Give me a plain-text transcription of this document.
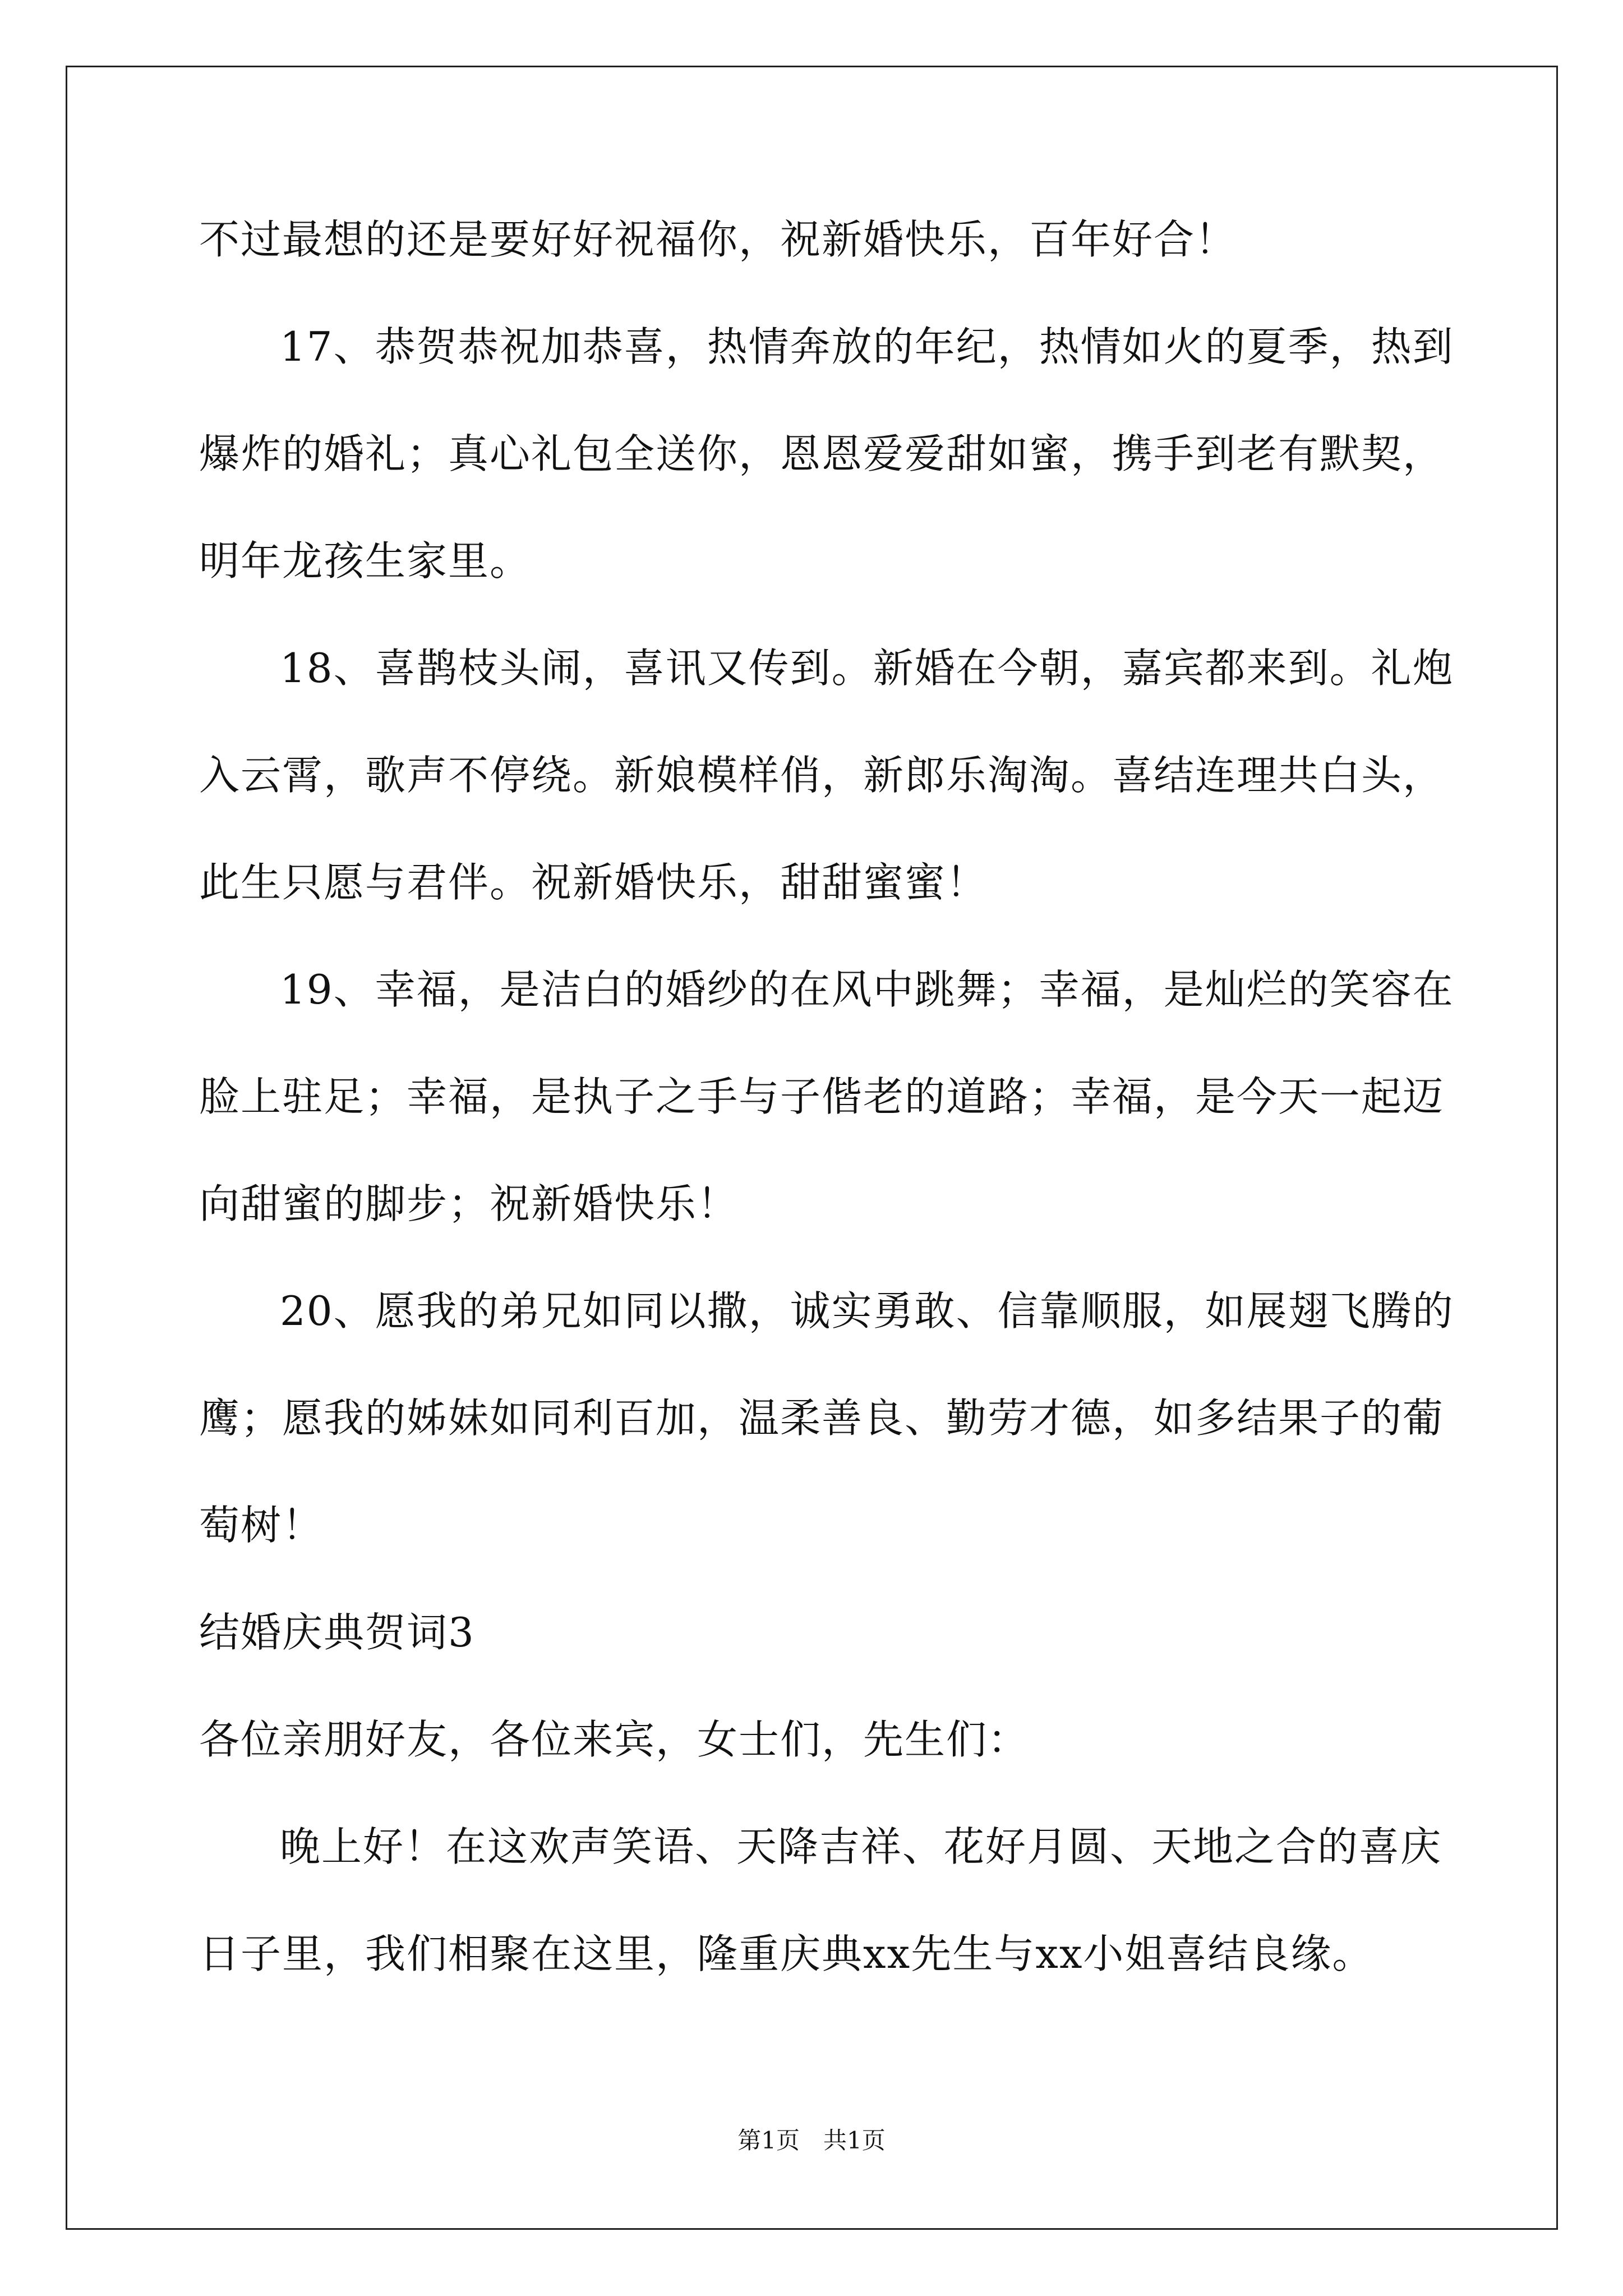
不过最想的还是要好好祝福你，祝新婚快乐，百年好合！
17、恭贺恭祝加恭喜，热情奔放的年纪，热情如火的夏季，热到
爆炸的婚礼；真心礼包全送你，恩恩爱爱甜如蜜，携手到老有默契，
明年龙孩生家里。
18、喜鹊枝头闹，喜讯又传到。新婚在今朝，嘉宾都来到。礼炮
入云霄，歌声不停绕。新娘模样俏，新郎乐淘淘。喜结连理共白头，
此生只愿与君伴。祝新婚快乐，甜甜蜜蜜！
19、幸福，是洁白的婚纱的在风中跳舞；幸福，是灿烂的笑容在
脸上驻足；幸福，是执子之手与子偕老的道路；幸福，是今天一起迈
向甜蜜的脚步；祝新婚快乐！
20、愿我的弟兄如同以撒，诚实勇敢、信靠顺服，如展翅飞腾的
鹰；愿我的姊妹如同利百加，温柔善良、勤劳才德，如多结果子的葡
萄树！
结婚庆典贺词3
各位亲朋好友，各位来宾，女士们，先生们：
晚上好！在这欢声笑语、天降吉祥、花好月圆、天地之合的喜庆
日子里，我们相聚在这里，隆重庆典xx先生与xx小姐喜结良缘。
第1页　共1页
